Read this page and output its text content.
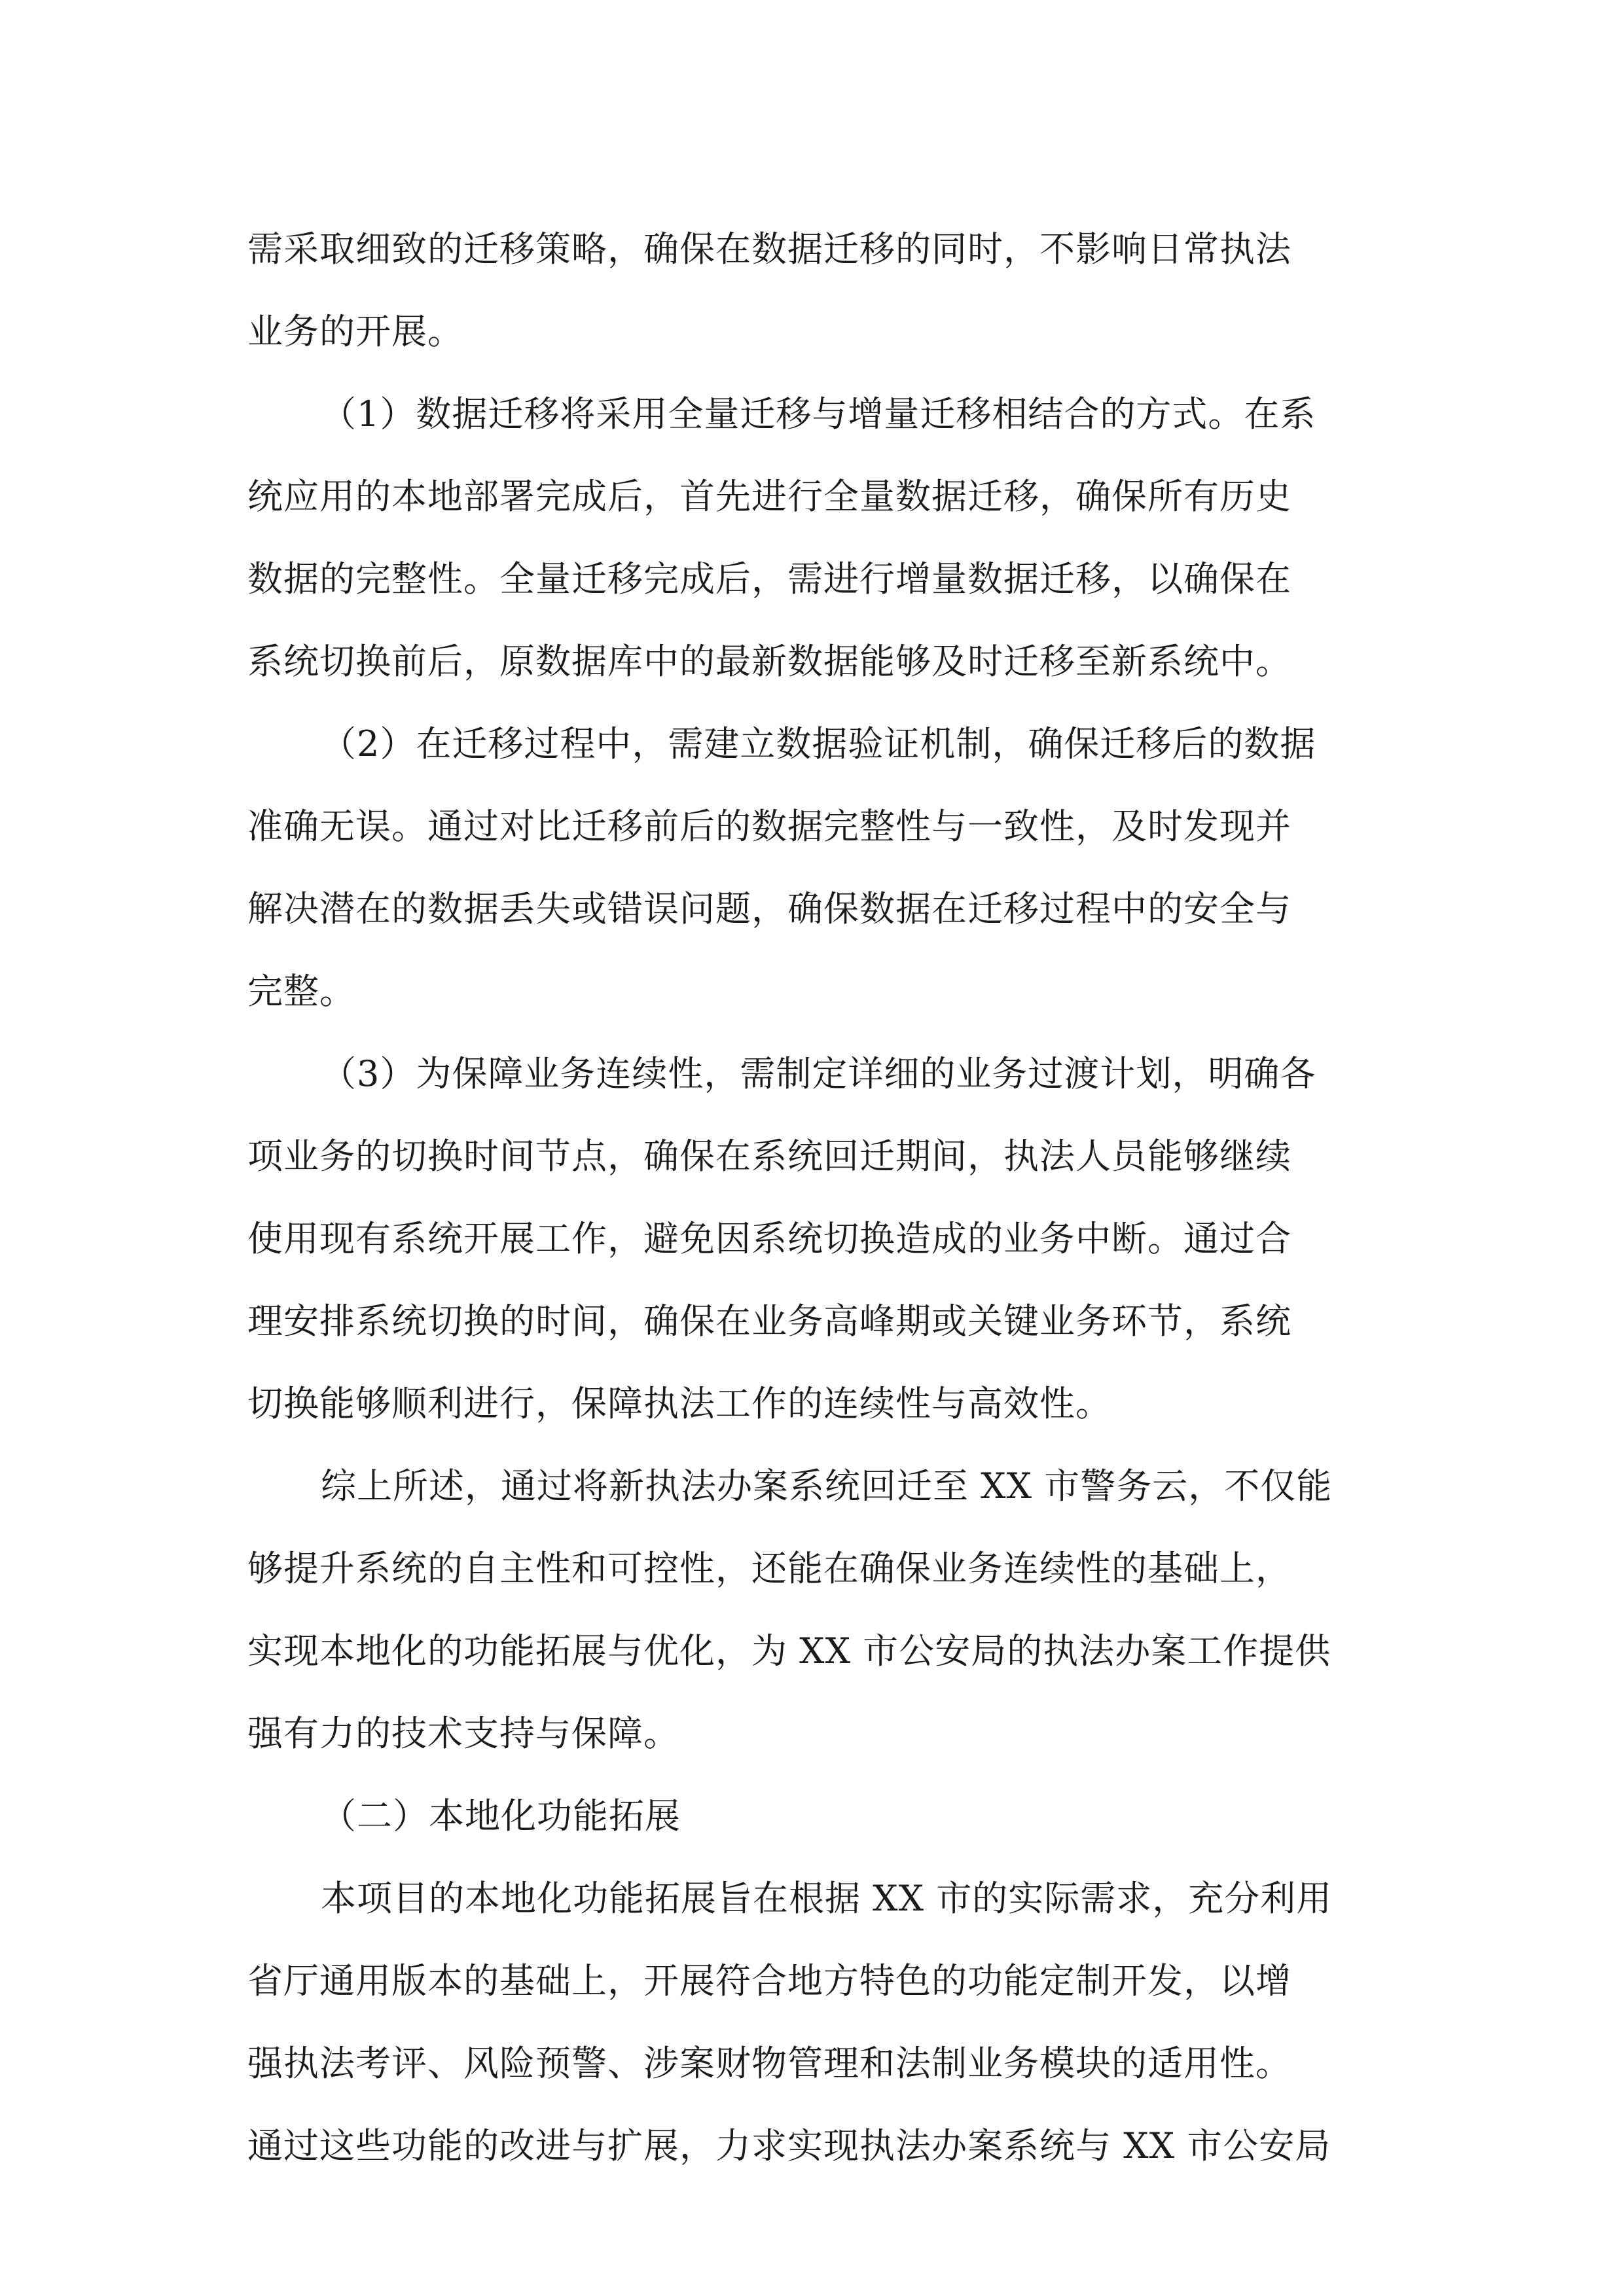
需采取细致的迁移策略，确保在数据迁移的同时，不影响日常执法
业务的开展。
（1）数据迁移将采用全量迁移与增量迁移相结合的方式。在系
统应用的本地部署完成后，首先进行全量数据迁移，确保所有历史
数据的完整性。全量迁移完成后，需进行增量数据迁移，以确保在
系统切换前后，原数据库中的最新数据能够及时迁移至新系统中。
（2）在迁移过程中，需建立数据验证机制，确保迁移后的数据
准确无误。通过对比迁移前后的数据完整性与一致性，及时发现并
解决潜在的数据丢失或错误问题，确保数据在迁移过程中的安全与
完整。
（3）为保障业务连续性，需制定详细的业务过渡计划，明确各
项业务的切换时间节点，确保在系统回迁期间，执法人员能够继续
使用现有系统开展工作，避免因系统切换造成的业务中断。通过合
理安排系统切换的时间，确保在业务高峰期或关键业务环节，系统
切换能够顺利进行，保障执法工作的连续性与高效性。
综上所述，通过将新执法办案系统回迁至 XX 市警务云，不仅能
够提升系统的自主性和可控性，还能在确保业务连续性的基础上，
实现本地化的功能拓展与优化，为 XX 市公安局的执法办案工作提供
强有力的技术支持与保障。
（二）本地化功能拓展
本项目的本地化功能拓展旨在根据 XX 市的实际需求，充分利用
省厅通用版本的基础上，开展符合地方特色的功能定制开发，以增
强执法考评、风险预警、涉案财物管理和法制业务模块的适用性。
通过这些功能的改进与扩展，力求实现执法办案系统与 XX 市公安局
